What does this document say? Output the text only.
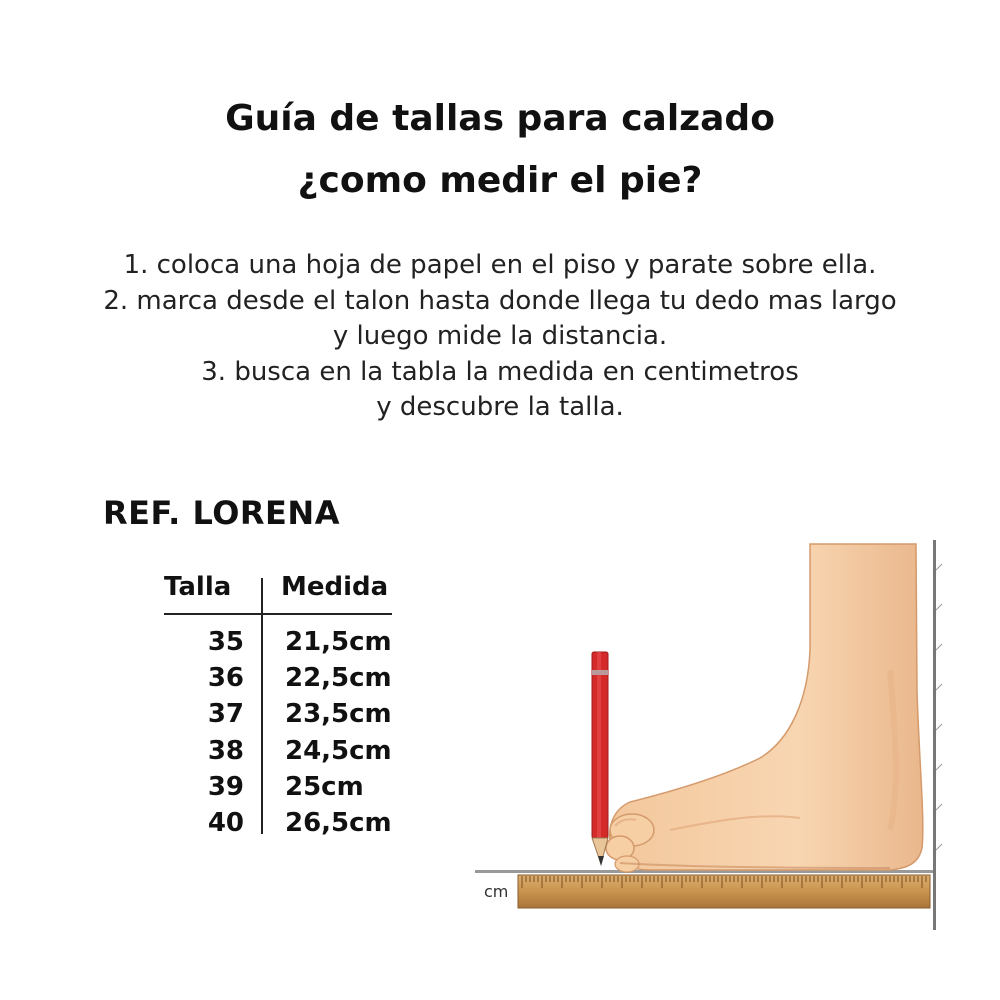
Guía de tallas para calzado
¿como medir el pie?
1. coloca una hoja de papel en el piso y parate sobre ella.
2. marca desde el talon hasta donde llega tu dedo mas largo
y luego mide la distancia.
3. busca en la tabla la medida en centimetros
y descubre la talla.
REF. LORENA
Talla Medida
35 21,5cm
36 22,5cm
37 23,5cm
38 24,5cm
39 25cm
40 26,5cm
cm
